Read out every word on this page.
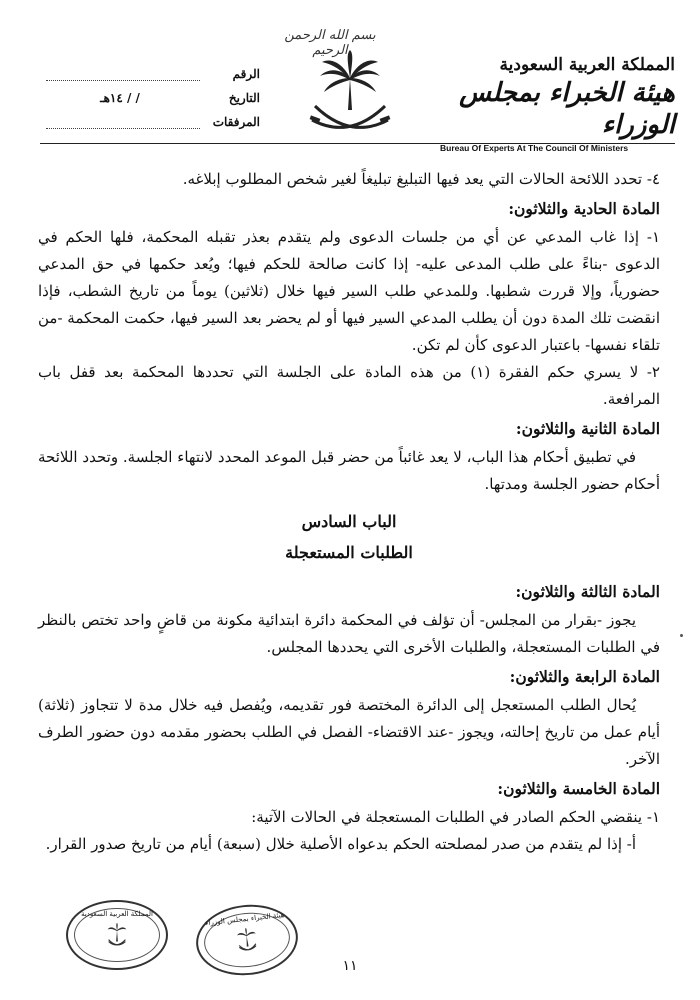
بسم الله الرحمن الرحيم
الرقم
التاريخ
/ / ١٤هـ
المرفقات
المملكة العربية السعودية
هيئة الخبراء بمجلس الوزراء
Bureau Of Experts At The Council Of Ministers

٤- تحدد اللائحة الحالات التي يعد فيها التبليغ تبليغاً لغير شخص المطلوب إبلاغه.

المادة الحادية والثلاثون:

١- إذا غاب المدعي عن أي من جلسات الدعوى ولم يتقدم بعذر تقبله المحكمة، فلها الحكم في الدعوى -بناءً على طلب المدعى عليه- إذا كانت صالحة للحكم فيها؛ ويُعد حكمها في حق المدعي حضورياً، وإلا قررت شطبها. وللمدعي طلب السير فيها خلال (ثلاثين) يوماً من تاريخ الشطب، فإذا انقضت تلك المدة دون أن يطلب المدعي السير فيها أو لم يحضر بعد السير فيها، حكمت المحكمة -من تلقاء نفسها- باعتبار الدعوى كأن لم تكن.

٢- لا يسري حكم الفقرة (١) من هذه المادة على الجلسة التي تحددها المحكمة بعد قفل باب المرافعة.

المادة الثانية والثلاثون:

في تطبيق أحكام هذا الباب، لا يعد غائباً من حضر قبل الموعد المحدد لانتهاء الجلسة. وتحدد اللائحة أحكام حضور الجلسة ومدتها.

الباب السادس

الطلبات المستعجلة

المادة الثالثة والثلاثون:

يجوز -بقرار من المجلس- أن تؤلف في المحكمة دائرة ابتدائية مكونة من قاضٍ واحد تختص بالنظر في الطلبات المستعجلة، والطلبات الأخرى التي يحددها المجلس.

المادة الرابعة والثلاثون:

يُحال الطلب المستعجل إلى الدائرة المختصة فور تقديمه، ويُفصل فيه خلال مدة لا تتجاوز (ثلاثة) أيام عمل من تاريخ إحالته، ويجوز -عند الاقتضاء- الفصل في الطلب بحضور مقدمه دون حضور الطرف الآخر.

المادة الخامسة والثلاثون:

١- ينقضي الحكم الصادر في الطلبات المستعجلة في الحالات الآتية:

أ- إذا لم يتقدم من صدر لمصلحته الحكم بدعواه الأصلية خلال (سبعة) أيام من تاريخ صدور القرار.

المملكة العربية السعودية	هيئة الخبراء بمجلس الوزراء
١١
